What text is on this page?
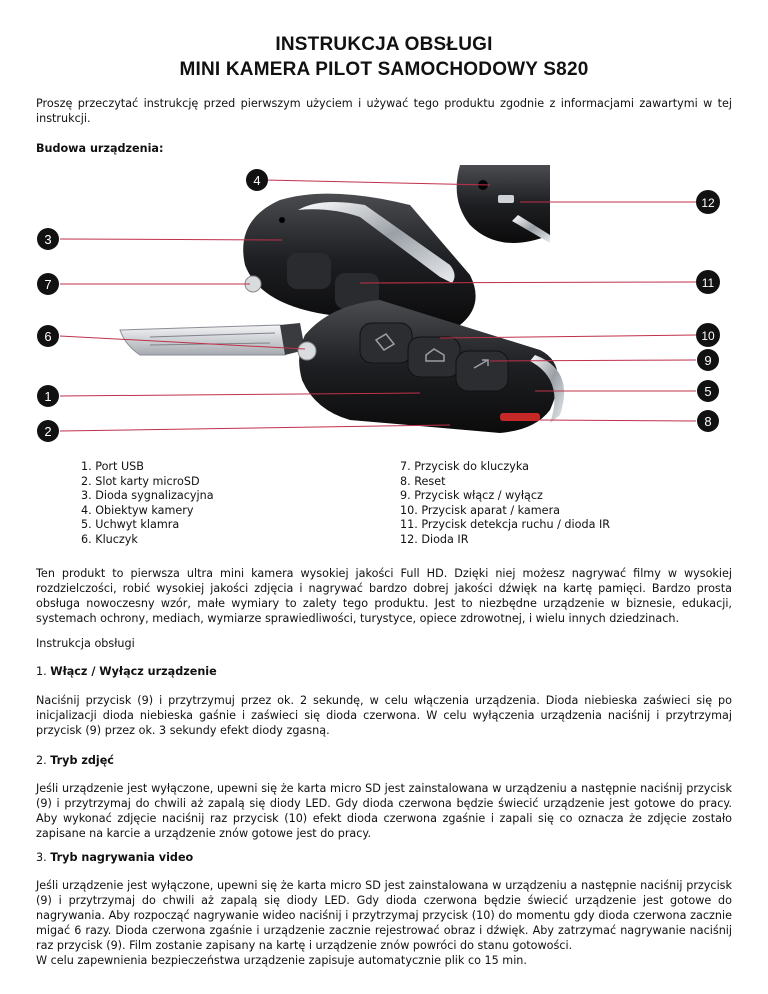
INSTRUKCJA OBSŁUGI
MINI KAMERA PILOT SAMOCHODOWY S820
Proszę przeczytać instrukcję przed pierwszym użyciem i używać tego produktu zgodnie z informacjami zawartymi w tej instrukcji.
Budowa urządzenia:
4
3
7
6
1
2
12
11
10
9
5
8
1. Port USB
2. Slot karty microSD
3. Dioda sygnalizacyjna
4. Obiektyw kamery
5. Uchwyt klamra
6. Kluczyk
7. Przycisk do kluczyka
8. Reset
9. Przycisk włącz / wyłącz
10. Przycisk aparat / kamera
11. Przycisk detekcja ruchu / dioda IR
12. Dioda IR
Ten produkt to pierwsza ultra mini kamera wysokiej jakości Full HD. Dzięki niej możesz nagrywać filmy w wysokiej rozdzielczości, robić wysokiej jakości zdjęcia i nagrywać bardzo dobrej jakości dźwięk na kartę pamięci. Bardzo prosta obsługa nowoczesny wzór, małe wymiary to zalety tego produktu. Jest to niezbędne urządzenie w biznesie, edukacji, systemach ochrony, mediach, wymiarze sprawiedliwości, turystyce, opiece zdrowotnej, i wielu innych dziedzinach.
Instrukcja obsługi
1. Włącz / Wyłącz urządzenie
Naciśnij przycisk (9) i przytrzymuj przez ok. 2 sekundę, w celu włączenia urządzenia. Dioda niebieska zaświeci się po inicjalizacji dioda niebieska gaśnie i zaświeci się dioda czerwona. W celu wyłączenia urządzenia naciśnij i przytrzymaj przycisk (9) przez ok. 3 sekundy efekt diody zgasną.
2. Tryb zdjęć
Jeśli urządzenie jest wyłączone, upewni się że karta micro SD jest zainstalowana w urządzeniu a następnie naciśnij przycisk (9) i przytrzymaj do chwili aż zapalą się diody LED. Gdy dioda czerwona będzie świecić urządzenie jest gotowe do pracy. Aby wykonać zdjęcie naciśnij raz przycisk (10) efekt dioda czerwona zgaśnie i zapali się co oznacza że zdjęcie zostało zapisane na karcie a urządzenie znów gotowe jest do pracy.
3. Tryb nagrywania video
Jeśli urządzenie jest wyłączone, upewni się że karta micro SD jest zainstalowana w urządzeniu a następnie naciśnij przycisk (9) i przytrzymaj do chwili aż zapalą się diody LED. Gdy dioda czerwona będzie świecić urządzenie jest gotowe do nagrywania. Aby rozpocząć nagrywanie wideo naciśnij i przytrzymaj przycisk (10) do momentu gdy dioda czerwona zacznie migać 6 razy. Dioda czerwona zgaśnie i urządzenie zacznie rejestrować obraz i dźwięk. Aby zatrzymać nagrywanie naciśnij raz przycisk (9). Film zostanie zapisany na kartę i urządzenie znów powróci do stanu gotowości.
W celu zapewnienia bezpieczeństwa urządzenie zapisuje automatycznie plik co 15 min.
